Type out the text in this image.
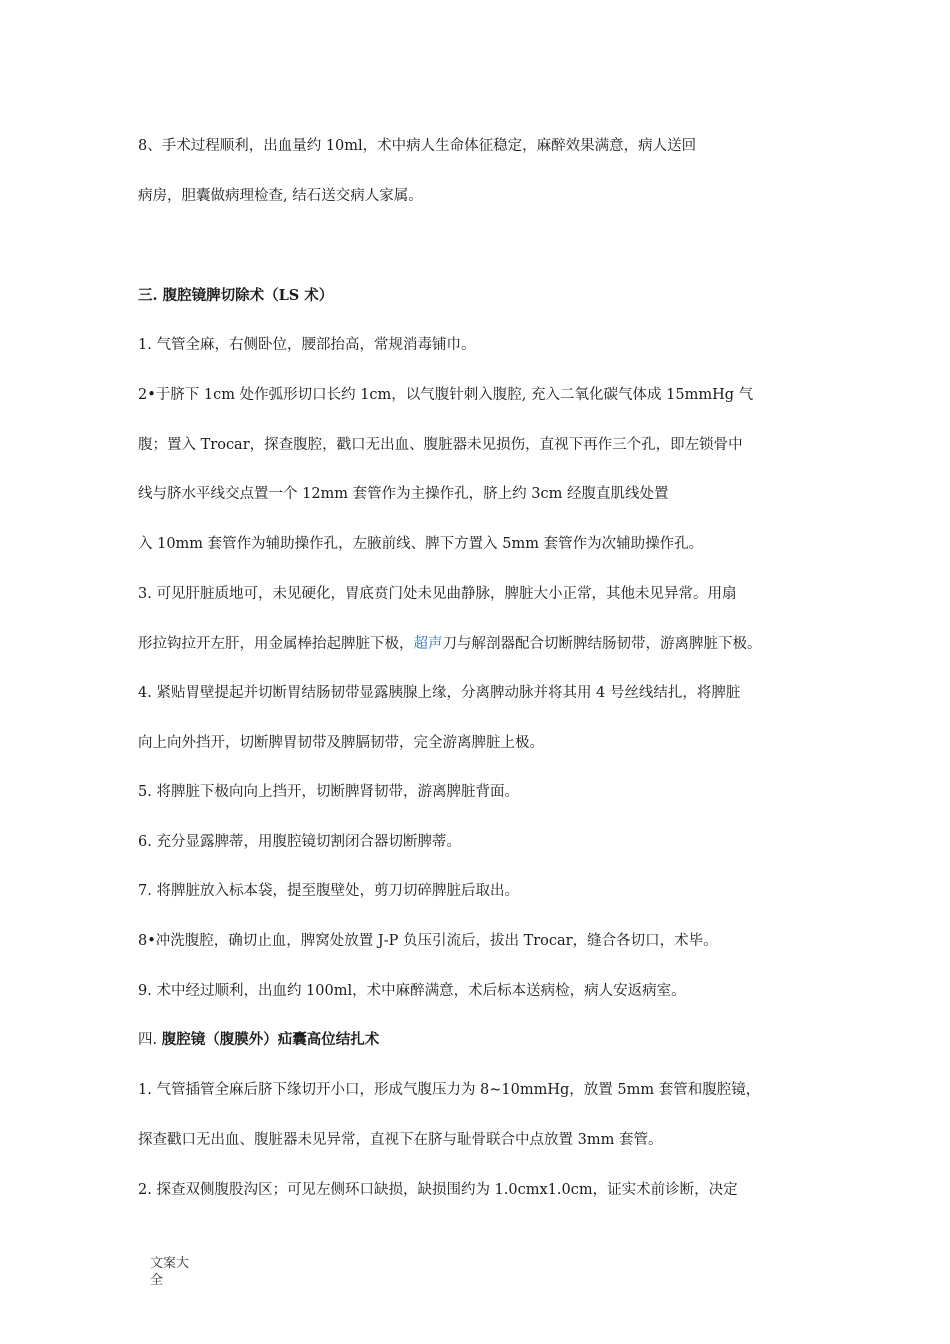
8、手术过程顺利，出血量约 10ml，术中病人生命体征稳定，麻醉效果满意，病人送回
病房，胆囊做病理检查, 结石送交病人家属。
三. 腹腔镜脾切除术（LS 术）
1. 气管全麻，右侧卧位，腰部抬高，常规消毒铺巾。
2•于脐下 1cm 处作弧形切口长约 1cm，以气腹针刺入腹腔, 充入二氧化碳气体成 15mmHg 气
腹；置入 Trocar，探查腹腔，戳口无出血、腹脏器未见损伤，直视下再作三个孔，即左锁骨中
线与脐水平线交点置一个 12mm 套管作为主操作孔，脐上约 3cm 经腹直肌线处置
入 10mm 套管作为辅助操作孔，左腋前线、脾下方置入 5mm 套管作为次辅助操作孔。
3. 可见肝脏质地可，未见硬化，胃底贲门处未见曲静脉，脾脏大小正常，其他未见异常。用扇
形拉钩拉开左肝，用金属棒抬起脾脏下极，超声刀与解剖器配合切断脾结肠韧带，游离脾脏下极。
4. 紧贴胃壁提起并切断胃结肠韧带显露胰腺上缘，分离脾动脉并将其用 4 号丝线结扎，将脾脏
向上向外挡开，切断脾胃韧带及脾膈韧带，完全游离脾脏上极。
5. 将脾脏下极向向上挡开，切断脾肾韧带，游离脾脏背面。
6. 充分显露脾蒂，用腹腔镜切割闭合器切断脾蒂。
7. 将脾脏放入标本袋，提至腹壁处，剪刀切碎脾脏后取出。
8•冲洗腹腔，确切止血，脾窝处放置 J-P 负压引流后，拔出 Trocar，缝合各切口，术毕。
9. 术中经过顺利，出血约 100ml，术中麻醉满意，术后标本送病检，病人安返病室。
四. 腹腔镜（腹膜外）疝囊高位结扎术
1. 气管插管全麻后脐下缘切开小口，形成气腹压力为 8~10mmHg，放置 5mm 套管和腹腔镜，
探查戳口无出血、腹脏器未见异常，直视下在脐与耻骨联合中点放置 3mm 套管。
2. 探查双侧腹股沟区；可见左侧环口缺损，缺损围约为 1.0cmx1.0cm，证实术前诊断，决定
文案大
全
